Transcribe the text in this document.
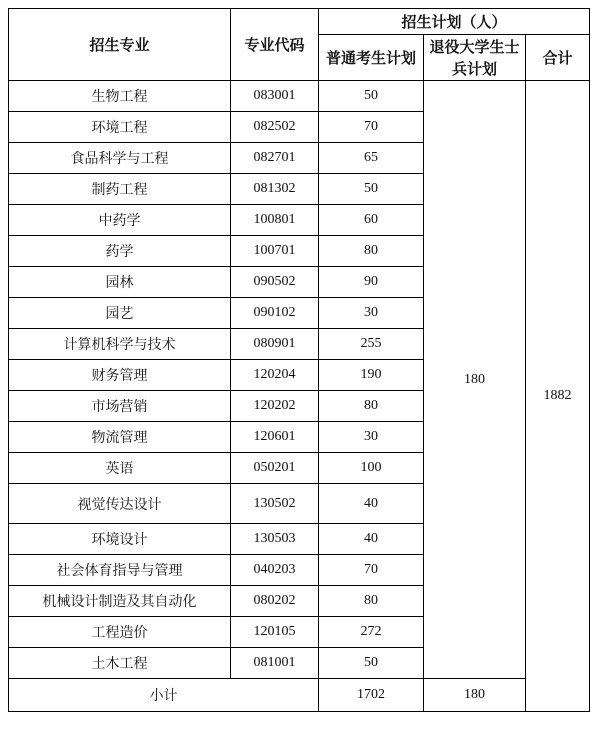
招生专业	专业代码	招生计划（人）		
		普通考生计划	退役大学生士兵计划	合计
生物工程	083001	50	180	1882
环境工程	082502	70		
食品科学与工程	082701	65		
制药工程	081302	50		
中药学	100801	60		
药学	100701	80		
园林	090502	90		
园艺	090102	30		
计算机科学与技术	080901	255		
财务管理	120204	190		
市场营销	120202	80		
物流管理	120601	30		
英语	050201	100		
视觉传达设计	130502	40		
环境设计	130503	40		
社会体育指导与管理	040203	70		
机械设计制造及其自动化	080202	80		
工程造价	120105	272		
土木工程	081001	50		
小计		1702	180	
